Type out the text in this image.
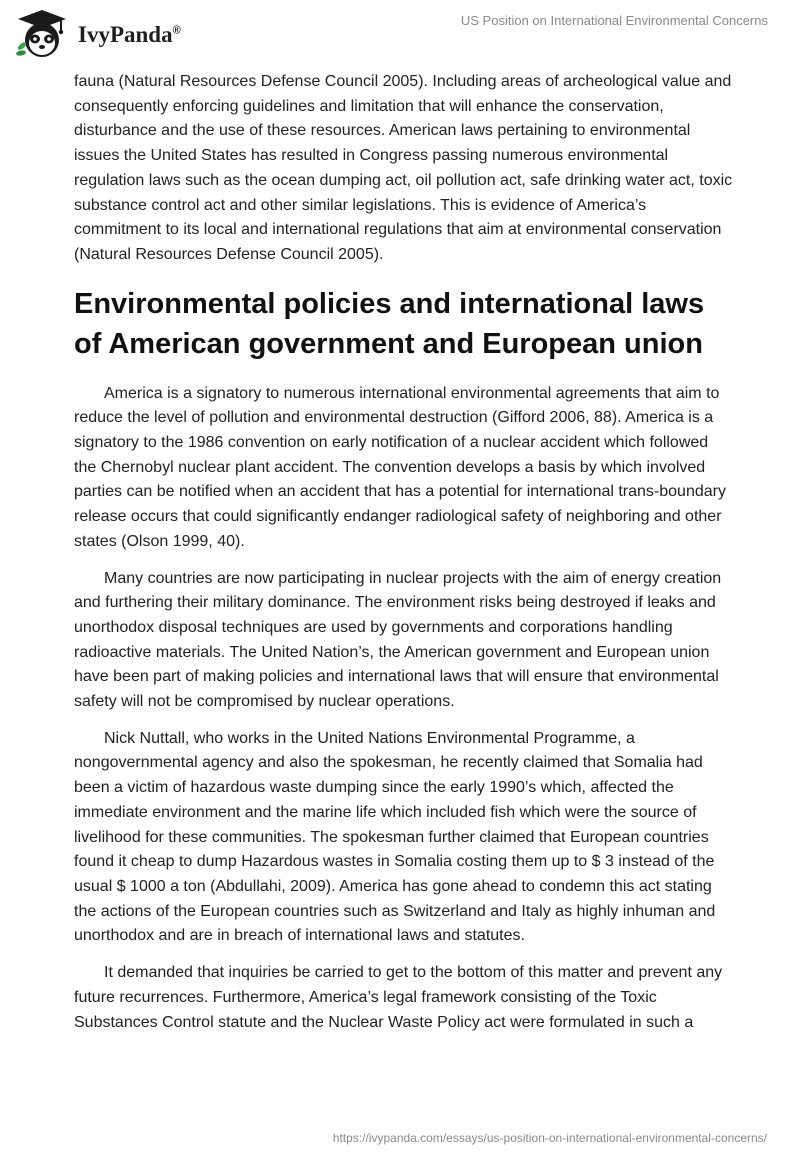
IvyPanda®
US Position on International Environmental Concerns

fauna (Natural Resources Defense Council 2005). Including areas of archeological value and consequently enforcing guidelines and limitation that will enhance the conservation, disturbance and the use of these resources. American laws pertaining to environmental issues the United States has resulted in Congress passing numerous environmental regulation laws such as the ocean dumping act, oil pollution act, safe drinking water act, toxic substance control act and other similar legislations. This is evidence of America’s commitment to its local and international regulations that aim at environmental conservation (Natural Resources Defense Council 2005).

Environmental policies and international laws of American government and European union

America is a signatory to numerous international environmental agreements that aim to reduce the level of pollution and environmental destruction (Gifford 2006, 88). America is a signatory to the 1986 convention on early notification of a nuclear accident which followed the Chernobyl nuclear plant accident. The convention develops a basis by which involved parties can be notified when an accident that has a potential for international trans-boundary release occurs that could significantly endanger radiological safety of neighboring and other states (Olson 1999, 40).

Many countries are now participating in nuclear projects with the aim of energy creation and furthering their military dominance. The environment risks being destroyed if leaks and unorthodox disposal techniques are used by governments and corporations handling radioactive materials. The United Nation’s, the American government and European union have been part of making policies and international laws that will ensure that environmental safety will not be compromised by nuclear operations.

Nick Nuttall, who works in the United Nations Environmental Programme, a nongovernmental agency and also the spokesman, he recently claimed that Somalia had been a victim of hazardous waste dumping since the early 1990’s which, affected the immediate environment and the marine life which included fish which were the source of livelihood for these communities. The spokesman further claimed that European countries found it cheap to dump Hazardous wastes in Somalia costing them up to $ 3 instead of the usual $ 1000 a ton (Abdullahi, 2009). America has gone ahead to condemn this act stating the actions of the European countries such as Switzerland and Italy as highly inhuman and unorthodox and are in breach of international laws and statutes.

It demanded that inquiries be carried to get to the bottom of this matter and prevent any future recurrences. Furthermore, America’s legal framework consisting of the Toxic Substances Control statute and the Nuclear Waste Policy act were formulated in such a

https://ivypanda.com/essays/us-position-on-international-environmental-concerns/
